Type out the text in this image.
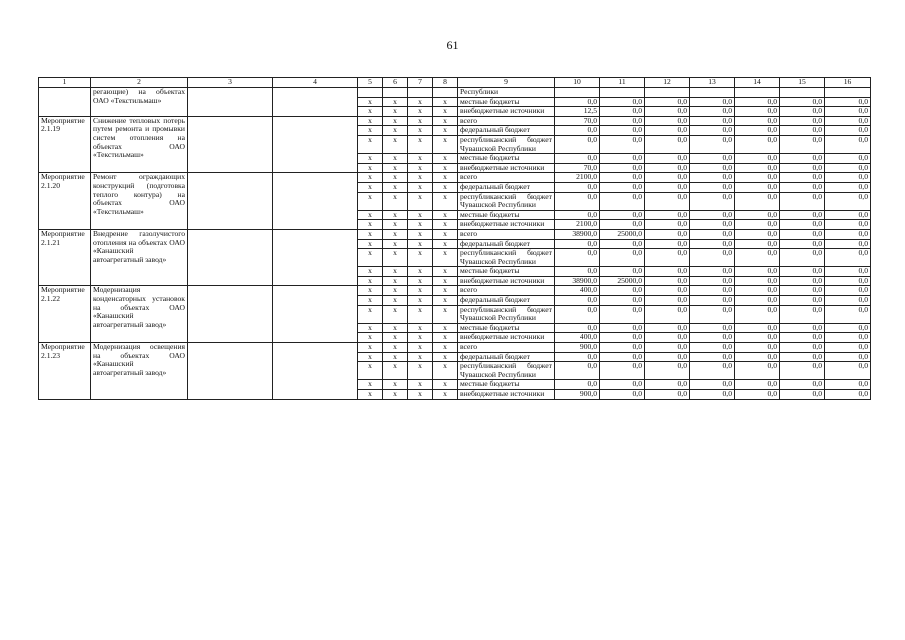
61
1	2	3	4	5	6	7	8	9	10	11	12	13	14	15	16
	регающие) на объектах ОАО «Текстильмаш»							Республики							
				х	х	х	х	местные бюджеты	0,0	0,0	0,0	0,0	0,0	0,0	0,0
				х	х	х	х	внебюджетные источники	12,5	0,0	0,0	0,0	0,0	0,0	0,0
Мероприятие 2.1.19	Снижение тепловых потерь путем ремонта и промывки систем отопления на объектах ОАО «Текстильмаш»			х	х	х	х	всего	70,0	0,0	0,0	0,0	0,0	0,0	0,0
				х	х	х	х	федеральный бюджет	0,0	0,0	0,0	0,0	0,0	0,0	0,0
				х	х	х	х	республиканский бюджет Чувашской Республики	0,0	0,0	0,0	0,0	0,0	0,0	0,0
				х	х	х	х	местные бюджеты	0,0	0,0	0,0	0,0	0,0	0,0	0,0
				х	х	х	х	внебюджетные источники	70,0	0,0	0,0	0,0	0,0	0,0	0,0
Мероприятие 2.1.20	Ремонт ограждающих конструкций (подготовка теплого контура) на объектах ОАО «Текстильмаш»			х	х	х	х	всего	2100,0	0,0	0,0	0,0	0,0	0,0	0,0
				х	х	х	х	федеральный бюджет	0,0	0,0	0,0	0,0	0,0	0,0	0,0
				х	х	х	х	республиканский бюджет Чувашской Республики	0,0	0,0	0,0	0,0	0,0	0,0	0,0
				х	х	х	х	местные бюджеты	0,0	0,0	0,0	0,0	0,0	0,0	0,0
				х	х	х	х	внебюджетные источники	2100,0	0,0	0,0	0,0	0,0	0,0	0,0
Мероприятие 2.1.21	Внедрение газолучистого отопления на объектах ОАО «Канашский автоагрегатный завод»			х	х	х	х	всего	38900,0	25000,0	0,0	0,0	0,0	0,0	0,0
				х	х	х	х	федеральный бюджет	0,0	0,0	0,0	0,0	0,0	0,0	0,0
				х	х	х	х	республиканский бюджет Чувашской Республики	0,0	0,0	0,0	0,0	0,0	0,0	0,0
				х	х	х	х	местные бюджеты	0,0	0,0	0,0	0,0	0,0	0,0	0,0
				х	х	х	х	внебюджетные источники	38900,0	25000,0	0,0	0,0	0,0	0,0	0,0
Мероприятие 2.1.22	Модернизация конденсаторных установок на объектах ОАО «Канашский автоагрегатный завод»			х	х	х	х	всего	400,0	0,0	0,0	0,0	0,0	0,0	0,0
				х	х	х	х	федеральный бюджет	0,0	0,0	0,0	0,0	0,0	0,0	0,0
				х	х	х	х	республиканский бюджет Чувашской Республики	0,0	0,0	0,0	0,0	0,0	0,0	0,0
				х	х	х	х	местные бюджеты	0,0	0,0	0,0	0,0	0,0	0,0	0,0
				х	х	х	х	внебюджетные источники	400,0	0,0	0,0	0,0	0,0	0,0	0,0
Мероприятие 2.1.23	Модернизация освещения на объектах ОАО «Канашский автоагрегатный завод»			х	х	х	х	всего	900,0	0,0	0,0	0,0	0,0	0,0	0,0
				х	х	х	х	федеральный бюджет	0,0	0,0	0,0	0,0	0,0	0,0	0,0
				х	х	х	х	республиканский бюджет Чувашской Республики	0,0	0,0	0,0	0,0	0,0	0,0	0,0
				х	х	х	х	местные бюджеты	0,0	0,0	0,0	0,0	0,0	0,0	0,0
				х	х	х	х	внебюджетные источники	900,0	0,0	0,0	0,0	0,0	0,0	0,0
